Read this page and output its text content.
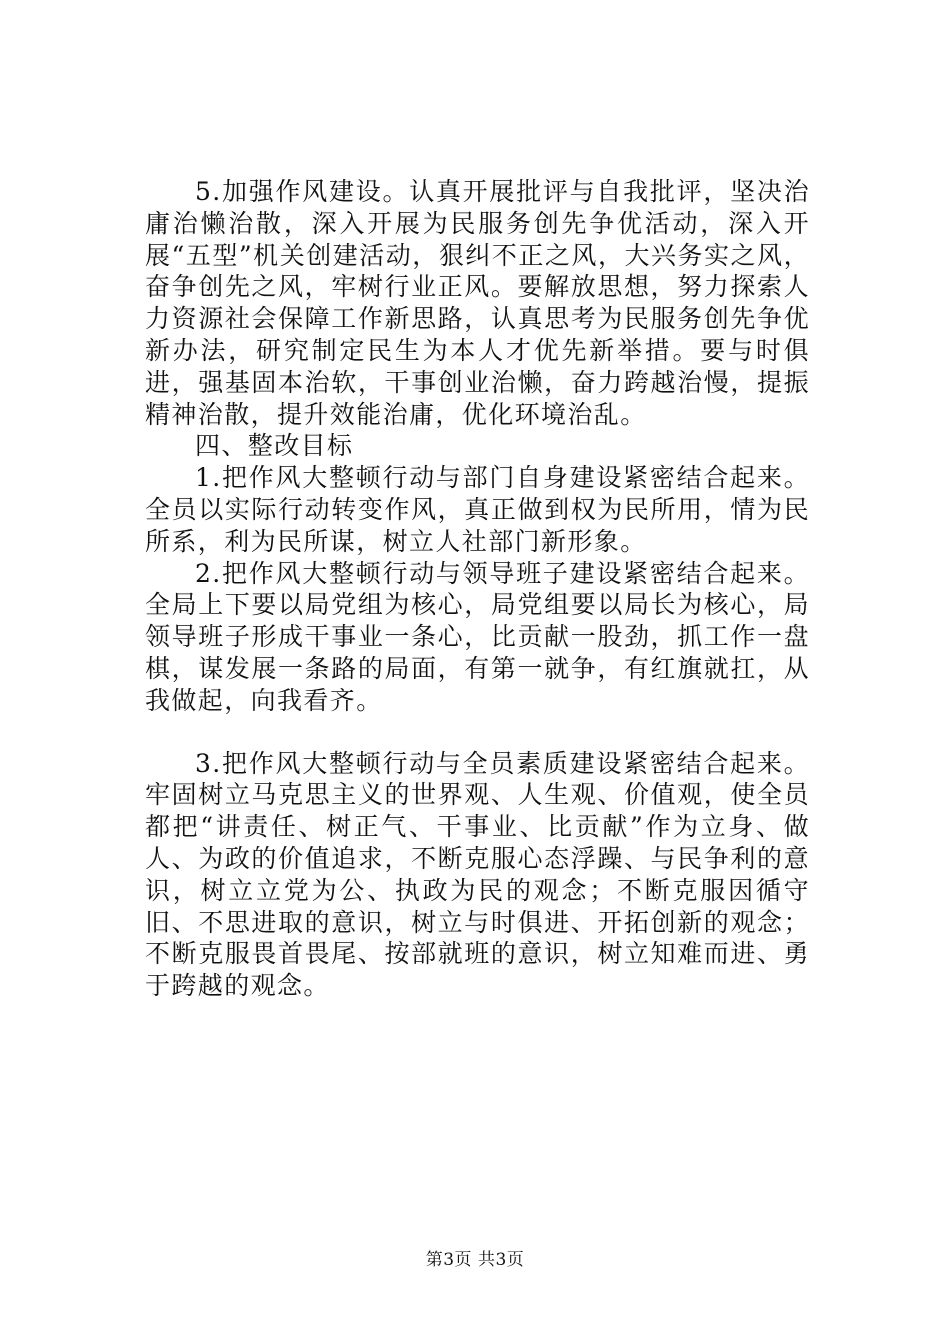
5.加强作风建设。认真开展批评与自我批评，坚决治庸治懒治散，深入开展为民服务创先争优活动，深入开展“五型”机关创建活动，狠纠不正之风，大兴务实之风，奋争创先之风，牢树行业正风。要解放思想，努力探索人力资源社会保障工作新思路，认真思考为民服务创先争优新办法，研究制定民生为本人才优先新举措。要与时俱进，强基固本治软，干事创业治懒，奋力跨越治慢，提振精神治散，提升效能治庸，优化环境治乱。

四、整改目标

1.把作风大整顿行动与部门自身建设紧密结合起来。全员以实际行动转变作风，真正做到权为民所用，情为民所系，利为民所谋，树立人社部门新形象。

2.把作风大整顿行动与领导班子建设紧密结合起来。全局上下要以局党组为核心，局党组要以局长为核心，局领导班子形成干事业一条心，比贡献一股劲，抓工作一盘棋，谋发展一条路的局面，有第一就争，有红旗就扛，从我做起，向我看齐。

3.把作风大整顿行动与全员素质建设紧密结合起来。牢固树立马克思主义的世界观、人生观、价值观，使全员都把“讲责任、树正气、干事业、比贡献”作为立身、做人、为政的价值追求，不断克服心态浮躁、与民争利的意识，树立立党为公、执政为民的观念；不断克服因循守旧、不思进取的意识，树立与时俱进、开拓创新的观念；不断克服畏首畏尾、按部就班的意识，树立知难而进、勇于跨越的观念。

第3页 共3页
